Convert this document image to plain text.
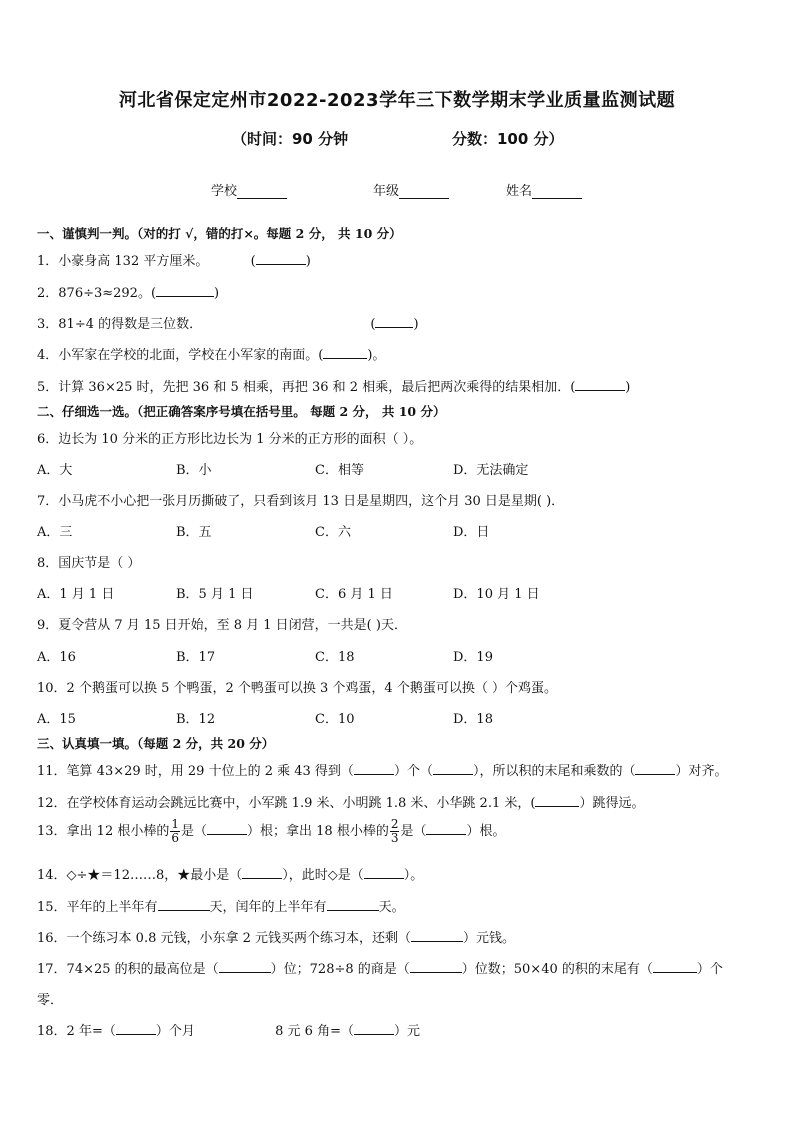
河北省保定定州市2022-2023学年三下数学期末学业质量监测试题
（时间：90 分钟	分数：100 分）
学校	年级	姓名
一、谨慎判一判。（对的打 √，错的打×。每题 2 分， 共 10 分）
1．小豪身高 132 平方厘米。	(	)
2．876÷3≈292。(	)
3．81÷4 的得数是三位数．	(	)
4．小军家在学校的北面，学校在小军家的南面。(	)。
5．计算 36×25 时，先把 36 和 5 相乘，再把 36 和 2 相乘，最后把两次乘得的结果相加．(	)
二、仔细选一选。（把正确答案序号填在括号里。 每题 2 分， 共 10 分）
6．边长为 10 分米的正方形比边长为 1 分米的正方形的面积（ ）。
A．大	B．小	C．相等	D．无法确定
7．小马虎不小心把一张月历撕破了，只看到该月 13 日是星期四，这个月 30 日是星期( )．
A．三	B．五	C．六	D．日
8．国庆节是（ ）
A．1 月 1 日	B．5 月 1 日	C．6 月 1 日	D．10 月 1 日
9．夏令营从 7 月 15 日开始，至 8 月 1 日闭营，一共是( )天．
A．16	B．17	C．18	D．19
10．2 个鹅蛋可以换 5 个鸭蛋，2 个鸭蛋可以换 3 个鸡蛋，4 个鹅蛋可以换（ ）个鸡蛋。
A．15	B．12	C．10	D．18
三、认真填一填。（每题 2 分，共 20 分）
11．笔算 43×29 时，用 29 十位上的 2 乘 43 得到（	）个（	），所以积的末尾和乘数的（	）对齐。
12．在学校体育运动会跳远比赛中，小军跳 1.9 米、小明跳 1.8 米、小华跳 2.1 米，(	）跳得远。
13．拿出 12 根小棒的 $\frac{1}{6}$ 是（	）根；拿出 18 根小棒的 $\frac{2}{3}$ 是（	）根。
14．◇÷★＝12……8，★最小是（	），此时◇是（	）。
15．平年的上半年有	天，闰年的上半年有	天。
16．一个练习本 0.8 元钱，小东拿 2 元钱买两个练习本，还剩（	）元钱。
17．74×25 的积的最高位是（	）位；728÷8 的商是（	）位数；50×40 的积的末尾有（	）个
零．
18．2 年=（	）个月	8 元 6 角=（	）元
